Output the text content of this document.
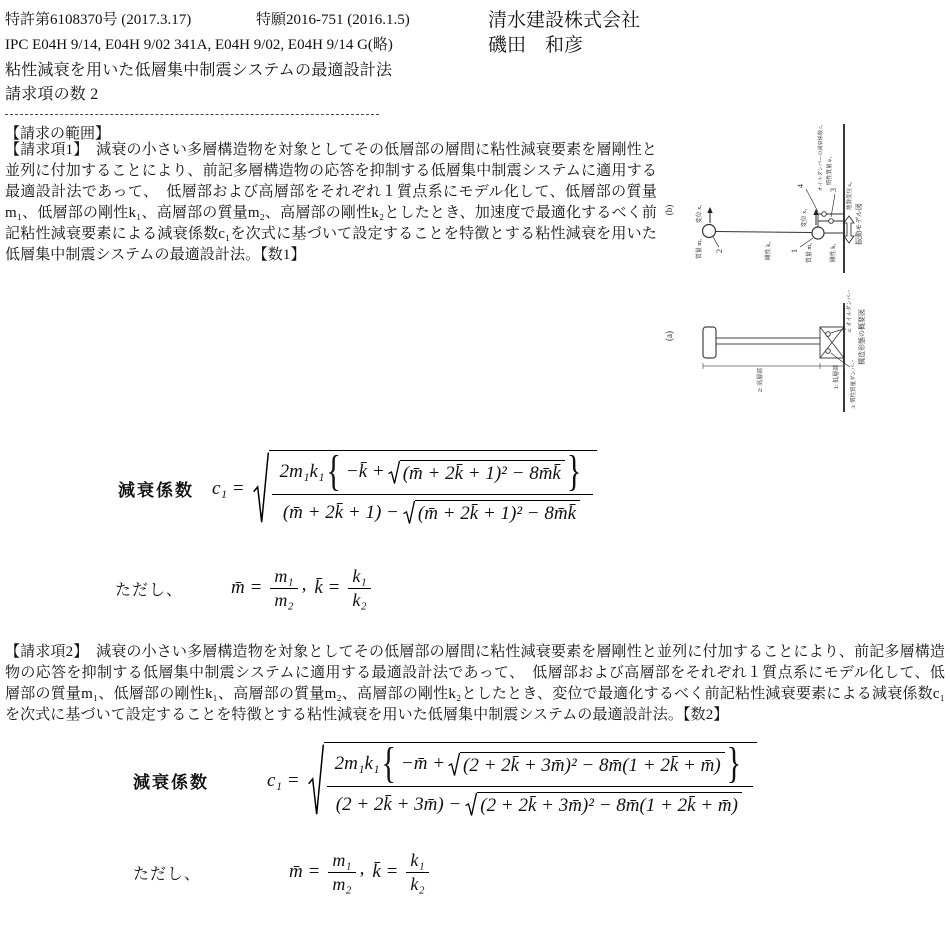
特許第6108370号 (2017.3.17)	特願2016-751 (2016.1.5)	清水建設株式会社
IPC E04H 9/14, E04H 9/02 341A, E04H 9/02, E04H 9/14 G(略)	磯田　和彦
粘性減衰を用いた低層集中制震システムの最適設計法
請求項の数 2
【請求の範囲】
【請求項1】　減衰の小さい多層構造物を対象としてその低層部の層間に粘性減衰要素を層剛性と並列に付加することにより、前記多層構造物の応答を抑制する低層集中制震システムに適用する最適設計法であって、　低層部および高層部をそれぞれ１質点系にモデル化して、低層部の質量m₁、低層部の剛性k₁、高層部の質量m₂、高層部の剛性k₂としたとき、加速度で最適化するべく前記粘性減衰要素による減衰係数c₁を次式に基づいて設定することを特徴とする粘性減衰を用いた低層集中制震システムの最適設計法。【数1】
【請求項2】　減衰の小さい多層構造物を対象としてその低層部の層間に粘性減衰要素を層剛性と並列に付加することにより、前記多層構造物の応答を抑制する低層集中制震システムに適用する最適設計法であって、　低層部および高層部をそれぞれ１質点系にモデル化して、低層部の質量m₁、低層部の剛性k₁、高層部の質量m₂、高層部の剛性k₂としたとき、変位で最適化するべく前記粘性減衰要素による減衰係数c₁を次式に基づいて設定することを特徴とする粘性減衰を用いた低層集中制震システムの最適設計法。【数2】
(b)	変位 x₂
質量 m₂ 2	剛性 k₂
変位 x₁
質量 m₁
1	剛性 k₁
4
3
オイルダンパーの減衰係数 c₁ 慣性質量 ψ₁
地盤変位 x₀
振動モデル図
(a)
2: 高層部	1: 低層部
4: オイルダンパー
3: 慣性質量ダンパー
構造形態の概要図
減衰係数 c₁ =
2m₁k₁ { −k̄ + (m̄ + 2k̄ + 1)² − 8m̄k̄ }
(m̄ + 2k̄ + 1) − (m̄ + 2k̄ + 1)² − 8m̄k̄
ただし、	m̄ = $\frac{\text{m₁}}{\text{m₂}}$ , k̄ = $\frac{\text{k₁}}{\text{k₂}}$
減衰係数	c₁ =
2m₁k₁ { −m̄ + (2 + 2k̄ + 3m̄)² − 8m̄(1 + 2k̄ + m̄) }
(2 + 2k̄ + 3m̄) − (2 + 2k̄ + 3m̄)² − 8m̄(1 + 2k̄ + m̄)
ただし、	m̄ = $\frac{\text{m₁}}{\text{m₂}}$ , k̄ = $\frac{\text{k₁}}{\text{k₂}}$
